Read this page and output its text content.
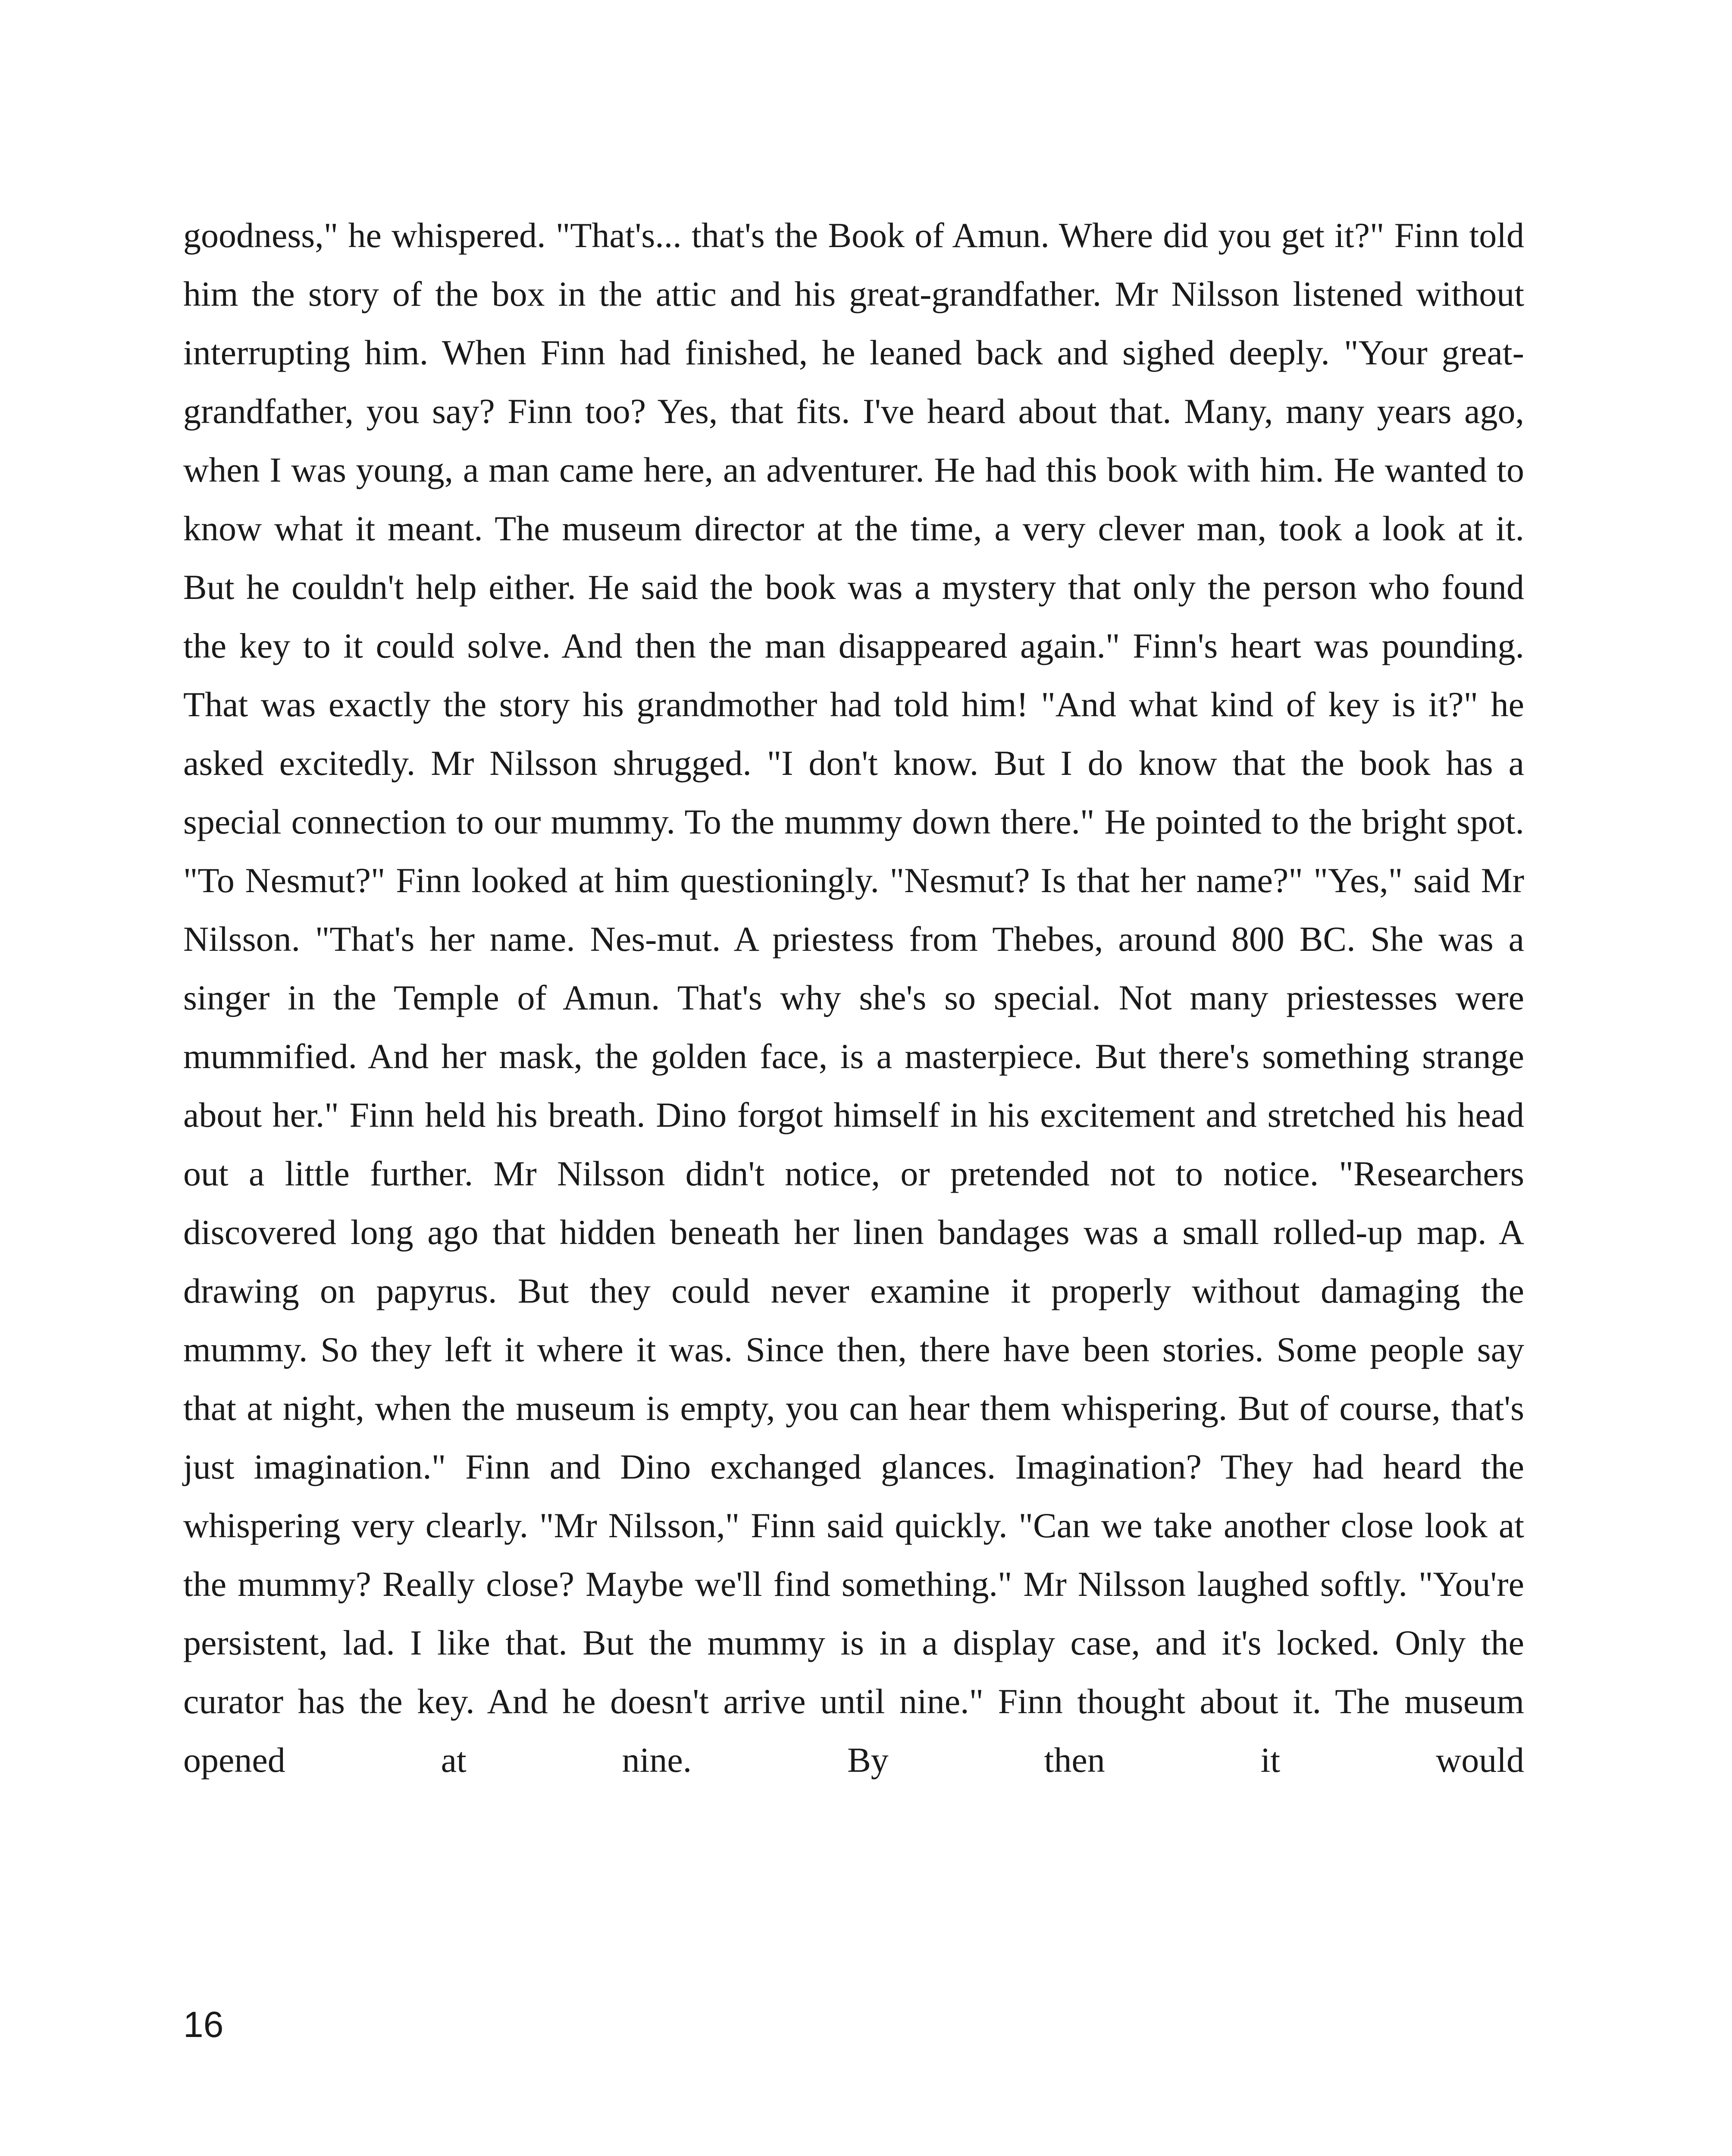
goodness," he whispered. "That's... that's the Book of Amun. Where did you get it?" Finn told him the story of the box in the attic and his great-grandfather. Mr Nilsson listened without interrupting him. When Finn had finished, he leaned back and sighed deeply. "Your great-grandfather, you say? Finn too? Yes, that fits. I've heard about that. Many, many years ago, when I was young, a man came here, an adventurer. He had this book with him. He wanted to know what it meant. The museum director at the time, a very clever man, took a look at it. But he couldn't help either. He said the book was a mystery that only the person who found the key to it could solve. And then the man disappeared again." Finn's heart was pounding. That was exactly the story his grandmother had told him! "And what kind of key is it?" he asked excitedly. Mr Nilsson shrugged. "I don't know. But I do know that the book has a special connection to our mummy. To the mummy down there." He pointed to the bright spot. "To Nesmut?" Finn looked at him questioningly. "Nesmut? Is that her name?" "Yes," said Mr Nilsson. "That's her name. Nes-mut. A priestess from Thebes, around 800 BC. She was a singer in the Temple of Amun. That's why she's so special. Not many priestesses were mummified. And her mask, the golden face, is a masterpiece. But there's something strange about her." Finn held his breath. Dino forgot himself in his excitement and stretched his head out a little further. Mr Nilsson didn't notice, or pretended not to notice. "Researchers discovered long ago that hidden beneath her linen bandages was a small rolled-up map. A drawing on papyrus. But they could never examine it properly without damaging the mummy. So they left it where it was. Since then, there have been stories. Some people say that at night, when the museum is empty, you can hear them whispering. But of course, that's just imagination." Finn and Dino exchanged glances. Imagination? They had heard the whispering very clearly. "Mr Nilsson," Finn said quickly. "Can we take another close look at the mummy? Really close? Maybe we'll find something." Mr Nilsson laughed softly. "You're persistent, lad. I like that. But the mummy is in a display case, and it's locked. Only the curator has the key. And he doesn't arrive until nine." Finn thought about it. The museum opened at nine. By then it would

16
